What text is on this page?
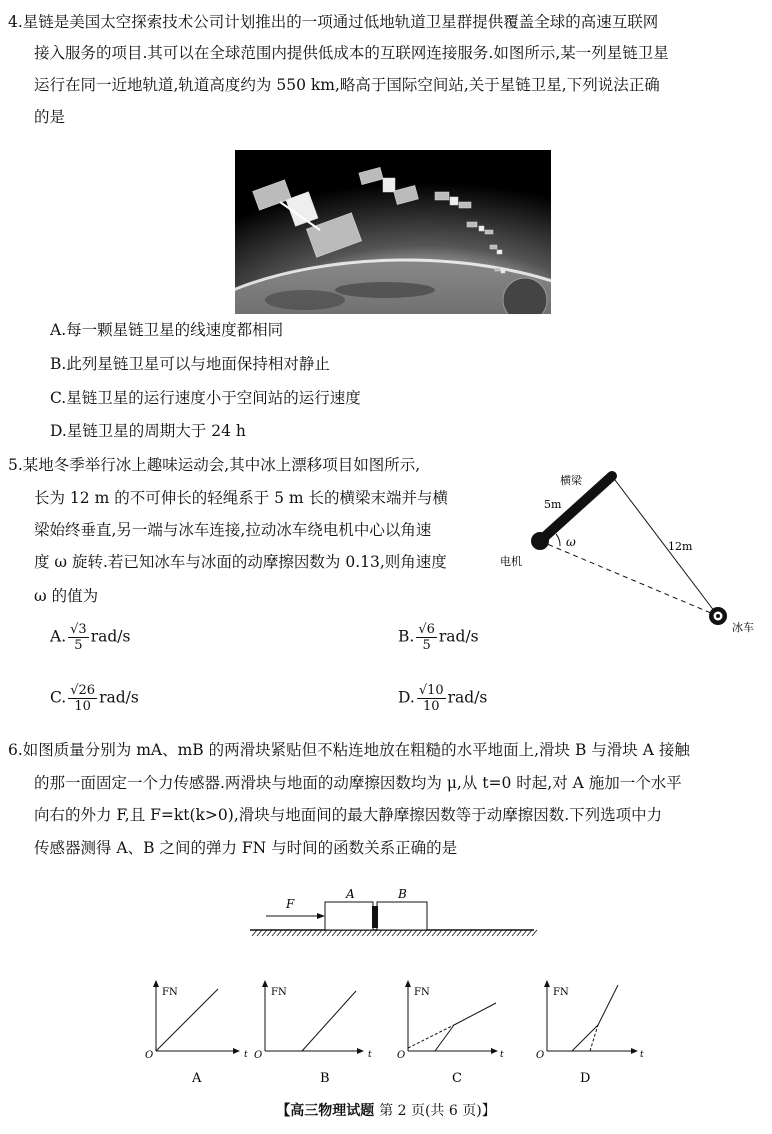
4.星链是美国太空探索技术公司计划推出的一项通过低地轨道卫星群提供覆盖全球的高速互联网
接入服务的项目.其可以在全球范围内提供低成本的互联网连接服务.如图所示,某一列星链卫星
运行在同一近地轨道,轨道高度约为 550 km,略高于国际空间站,关于星链卫星,下列说法正确
的是
A.每一颗星链卫星的线速度都相同
B.此列星链卫星可以与地面保持相对静止
C.星链卫星的运行速度小于空间站的运行速度
D.星链卫星的周期大于 24 h
5.某地冬季举行冰上趣味运动会,其中冰上漂移项目如图所示,
长为 12 m 的不可伸长的轻绳系于 5 m 长的横梁末端并与横
梁始终垂直,另一端与冰车连接,拉动冰车绕电机中心以角速
度 ω 旋转.若已知冰车与冰面的动摩擦因数为 0.13,则角速度
ω 的值为
横梁
5m
12m
ω
电机
冰车
A. $\frac{√3}{5} rad/s$	B. $\frac{√6}{5} rad/s$
C. $\frac{√26}{10} rad/s$	D. $\frac{√10}{10} rad/s$
6.如图质量分别为 mA、mB 的两滑块紧贴但不粘连地放在粗糙的水平地面上,滑块 B 与滑块 A 接触
的那一面固定一个力传感器.两滑块与地面的动摩擦因数均为 μ,从 t=0 时起,对 A 施加一个水平
向右的外力 F,且 F=kt(k>0),滑块与地面间的最大静摩擦因数等于动摩擦因数.下列选项中力
传感器测得 A、B 之间的弹力 FN 与时间的函数关系正确的是
F
A	B
FN
t
O
A
FN
t
O
B
FN
t
O
C
FN
t
O
D
【高三物理试题 第 2 页(共 6 页)】
